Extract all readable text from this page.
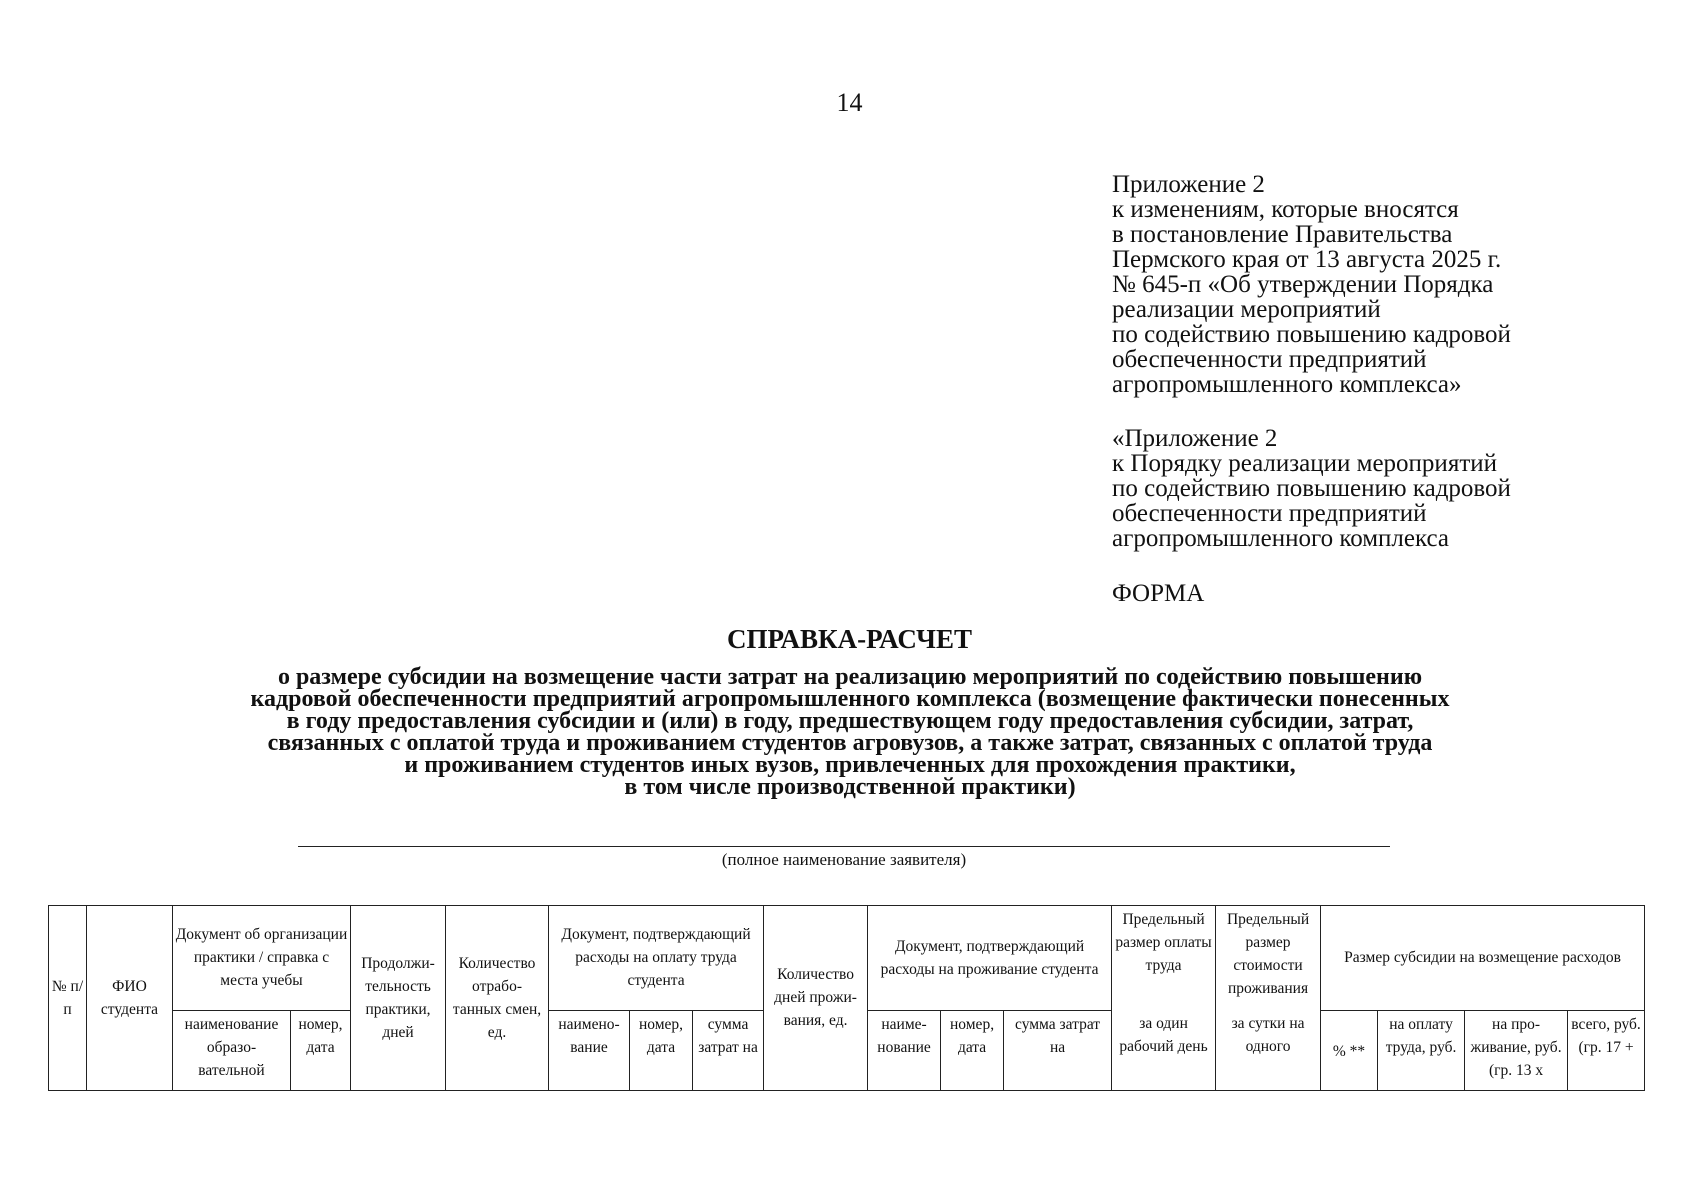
14
Приложение 2
к изменениям, которые вносятся
в постановление Правительства
Пермского края от 13 августа 2025 г.
№ 645-п «Об утверждении Порядка
реализации мероприятий
по содействию повышению кадровой
обеспеченности предприятий
агропромышленного комплекса»
«Приложение 2
к Порядку реализации мероприятий
по содействию повышению кадровой
обеспеченности предприятий
агропромышленного комплекса
ФОРМА
СПРАВКА-РАСЧЕТ
о размере субсидии на возмещение части затрат на реализацию мероприятий по содействию повышению
кадровой обеспеченности предприятий агропромышленного комплекса (возмещение фактически понесенных
в году предоставления субсидии и (или) в году, предшествующем году предоставления субсидии, затрат,
связанных с оплатой труда и проживанием студентов агровузов, а также затрат, связанных с оплатой труда
и проживанием студентов иных вузов, привлеченных для прохождения практики,
в том числе производственной практики)
(полное наименование заявителя)
№ п/п	ФИО студента	Документ об организации практики / справка с места учебы		Продолжи- тельность практики, дней	Количество отрабо- танных смен, ед.	Документ, подтверждающий расходы на оплату труда студента			Количество дней прожи- вания, ед.	Документ, подтверждающий расходы на проживание студента			Предельный размер оплаты труда	Предельный размер стоимости проживания	Размер субсидии на возмещение расходов			
		наименование образо- вательной	номер, дата			наимено- вание	номер, дата	сумма затрат на		наиме- нование	номер, дата	сумма затрат на	за один рабочий день	за сутки на одного	% **	на оплату труда, руб.	на про- живание, руб. (гр. 13 х	всего, руб. (гр. 17 +
